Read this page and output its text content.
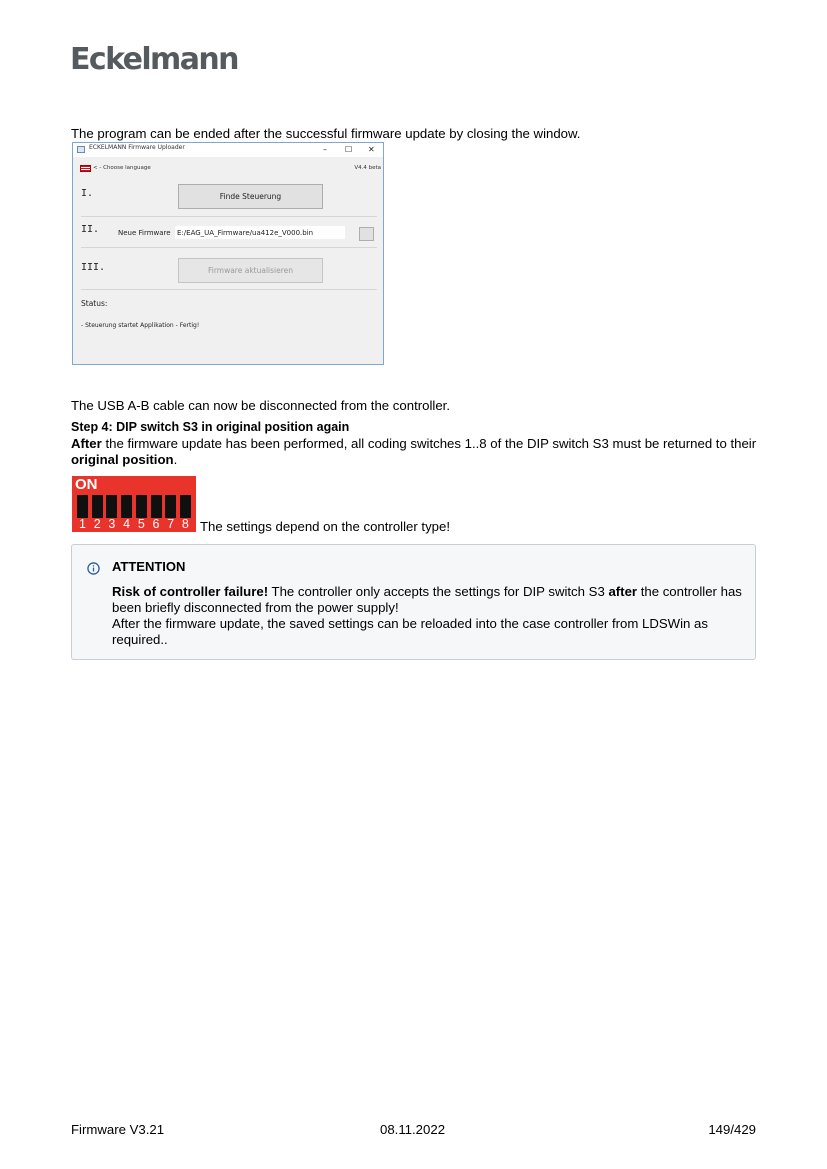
Eckelmann
The program can be ended after the successful firmware update by closing the window.
ECKELMANN Firmware Uploader	– ☐ ✕
< - Choose language	V4.4 beta
I.	Finde Steuerung
II.	Neue Firmware
E:/EAG_UA_Firmware/ua412e_V000.bin
III.	Firmware aktualisieren
Status:
- Steuerung startet Applikation - Fertig!
The USB A-B cable can now be disconnected from the controller.
Step 4: DIP switch S3 in original position again

After the firmware update has been performed, all coding switches 1..8 of the DIP switch S3 must be returned to their original position.

ON
1 2 3 4 5 6 7 8 The settings depend on the controller type!
ATTENTION

Risk of controller failure! The controller only accepts the settings for DIP switch S3 after the controller has been briefly disconnected from the power supply!
After the firmware update, the saved settings can be reloaded into the case controller from LDSWin as required..

Firmware V3.21	08.11.2022	149/429
